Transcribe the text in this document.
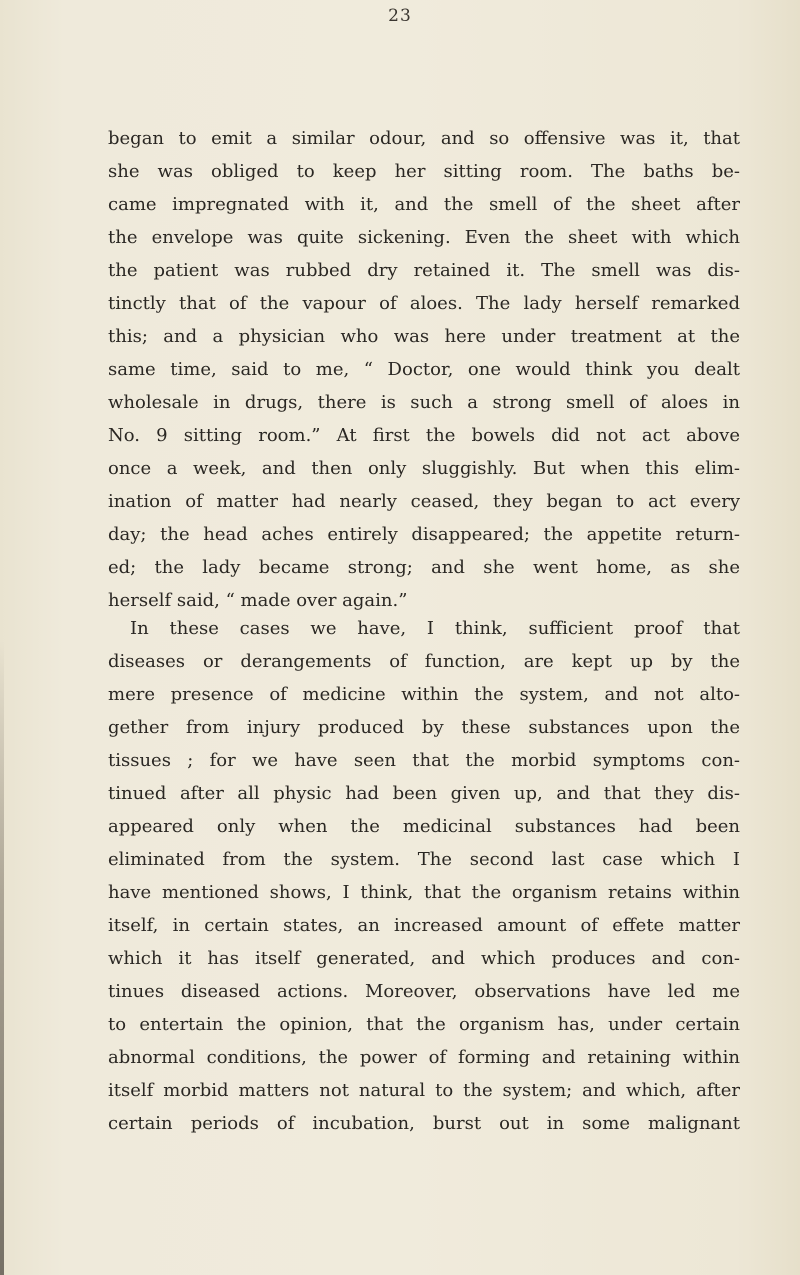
23
began to emit a similar odour, and so offensive was it, that
she was obliged to keep her sitting room. The baths be-
came impregnated with it, and the smell of the sheet after
the envelope was quite sickening. Even the sheet with which
the patient was rubbed dry retained it. The smell was dis-
tinctly that of the vapour of aloes. The lady herself remarked
this; and a physician who was here under treatment at the
same time, said to me, “ Doctor, one would think you dealt
wholesale in drugs, there is such a strong smell of aloes in
No. 9 sitting room.” At first the bowels did not act above
once a week, and then only sluggishly. But when this elim-
ination of matter had nearly ceased, they began to act every
day; the head aches entirely disappeared; the appetite return-
ed; the lady became strong; and she went home, as she
herself said, “ made over again.”
In these cases we have, I think, sufficient proof that
diseases or derangements of function, are kept up by the
mere presence of medicine within the system, and not alto-
gether from injury produced by these substances upon the
tissues ; for we have seen that the morbid symptoms con-
tinued after all physic had been given up, and that they dis-
appeared only when the medicinal substances had been
eliminated from the system. The second last case which I
have mentioned shows, I think, that the organism retains within
itself, in certain states, an increased amount of effete matter
which it has itself generated, and which produces and con-
tinues diseased actions. Moreover, observations have led me
to entertain the opinion, that the organism has, under certain
abnormal conditions, the power of forming and retaining within
itself morbid matters not natural to the system; and which, after
certain periods of incubation, burst out in some malignant
